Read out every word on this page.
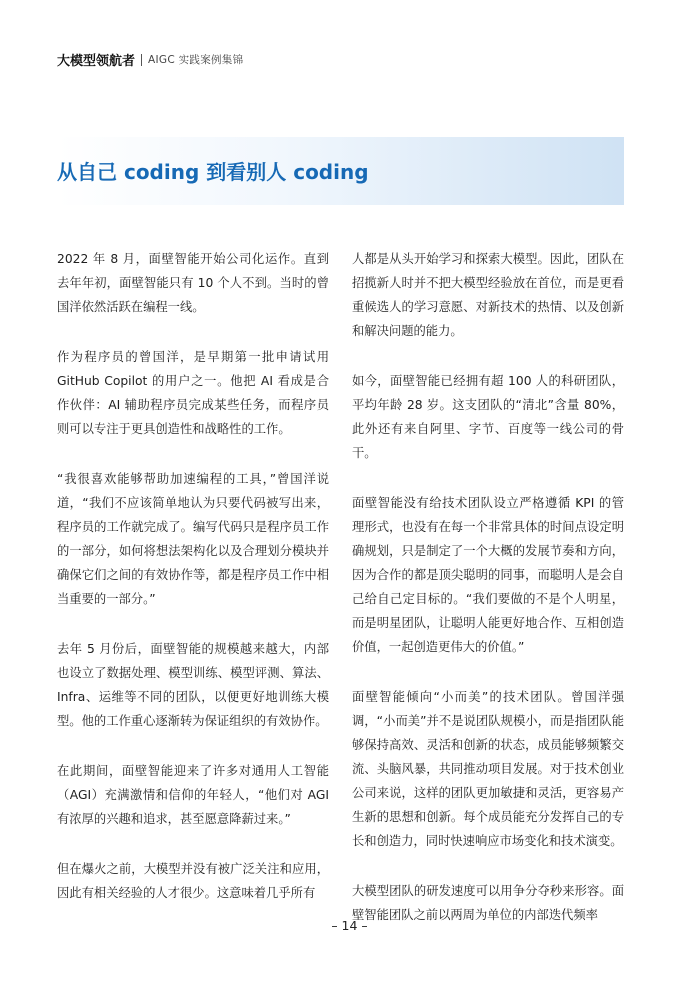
大模型领航者 AIGC 实践案例集锦
从自己 coding 到看别人 coding

2022 年 8 月，面壁智能开始公司化运作。直到去年年初，面壁智能只有 10 个人不到。当时的曾国洋依然活跃在编程一线。

作为程序员的曾国洋，是早期第一批申请试用GitHub Copilot 的用户之一。他把 AI 看成是合作伙伴：AI 辅助程序员完成某些任务，而程序员则可以专注于更具创造性和战略性的工作。

“我很喜欢能够帮助加速编程的工具，”曾国洋说道，“我们不应该简单地认为只要代码被写出来，程序员的工作就完成了。编写代码只是程序员工作的一部分，如何将想法架构化以及合理划分模块并确保它们之间的有效协作等，都是程序员工作中相当重要的一部分。”

去年 5 月份后，面壁智能的规模越来越大，内部也设立了数据处理、模型训练、模型评测、算法、Infra、运维等不同的团队，以便更好地训练大模型。他的工作重心逐渐转为保证组织的有效协作。

在此期间，面壁智能迎来了许多对通用人工智能（AGI）充满激情和信仰的年轻人，“他们对 AGI 有浓厚的兴趣和追求，甚至愿意降薪过来。”

但在爆火之前，大模型并没有被广泛关注和应用，因此有相关经验的人才很少。这意味着几乎所有

人都是从头开始学习和探索大模型。因此，团队在招揽新人时并不把大模型经验放在首位，而是更看重候选人的学习意愿、对新技术的热情、以及创新和解决问题的能力。

如今，面壁智能已经拥有超 100 人的科研团队，平均年龄 28 岁。这支团队的“清北”含量 80%，此外还有来自阿里、字节、百度等一线公司的骨干。

面壁智能没有给技术团队设立严格遵循 KPI 的管理形式，也没有在每一个非常具体的时间点设定明确规划，只是制定了一个大概的发展节奏和方向，因为合作的都是顶尖聪明的同事，而聪明人是会自己给自己定目标的。“我们要做的不是个人明星，而是明星团队，让聪明人能更好地合作、互相创造价值，一起创造更伟大的价值。”

面壁智能倾向“小而美”的技术团队。曾国洋强调，“小而美”并不是说团队规模小，而是指团队能够保持高效、灵活和创新的状态，成员能够频繁交流、头脑风暴，共同推动项目发展。对于技术创业公司来说，这样的团队更加敏捷和灵活，更容易产生新的思想和创新。每个成员能充分发挥自己的专长和创造力，同时快速响应市场变化和技术演变。

大模型团队的研发速度可以用争分夺秒来形容。面壁智能团队之前以两周为单位的内部迭代频率

– 14 –
